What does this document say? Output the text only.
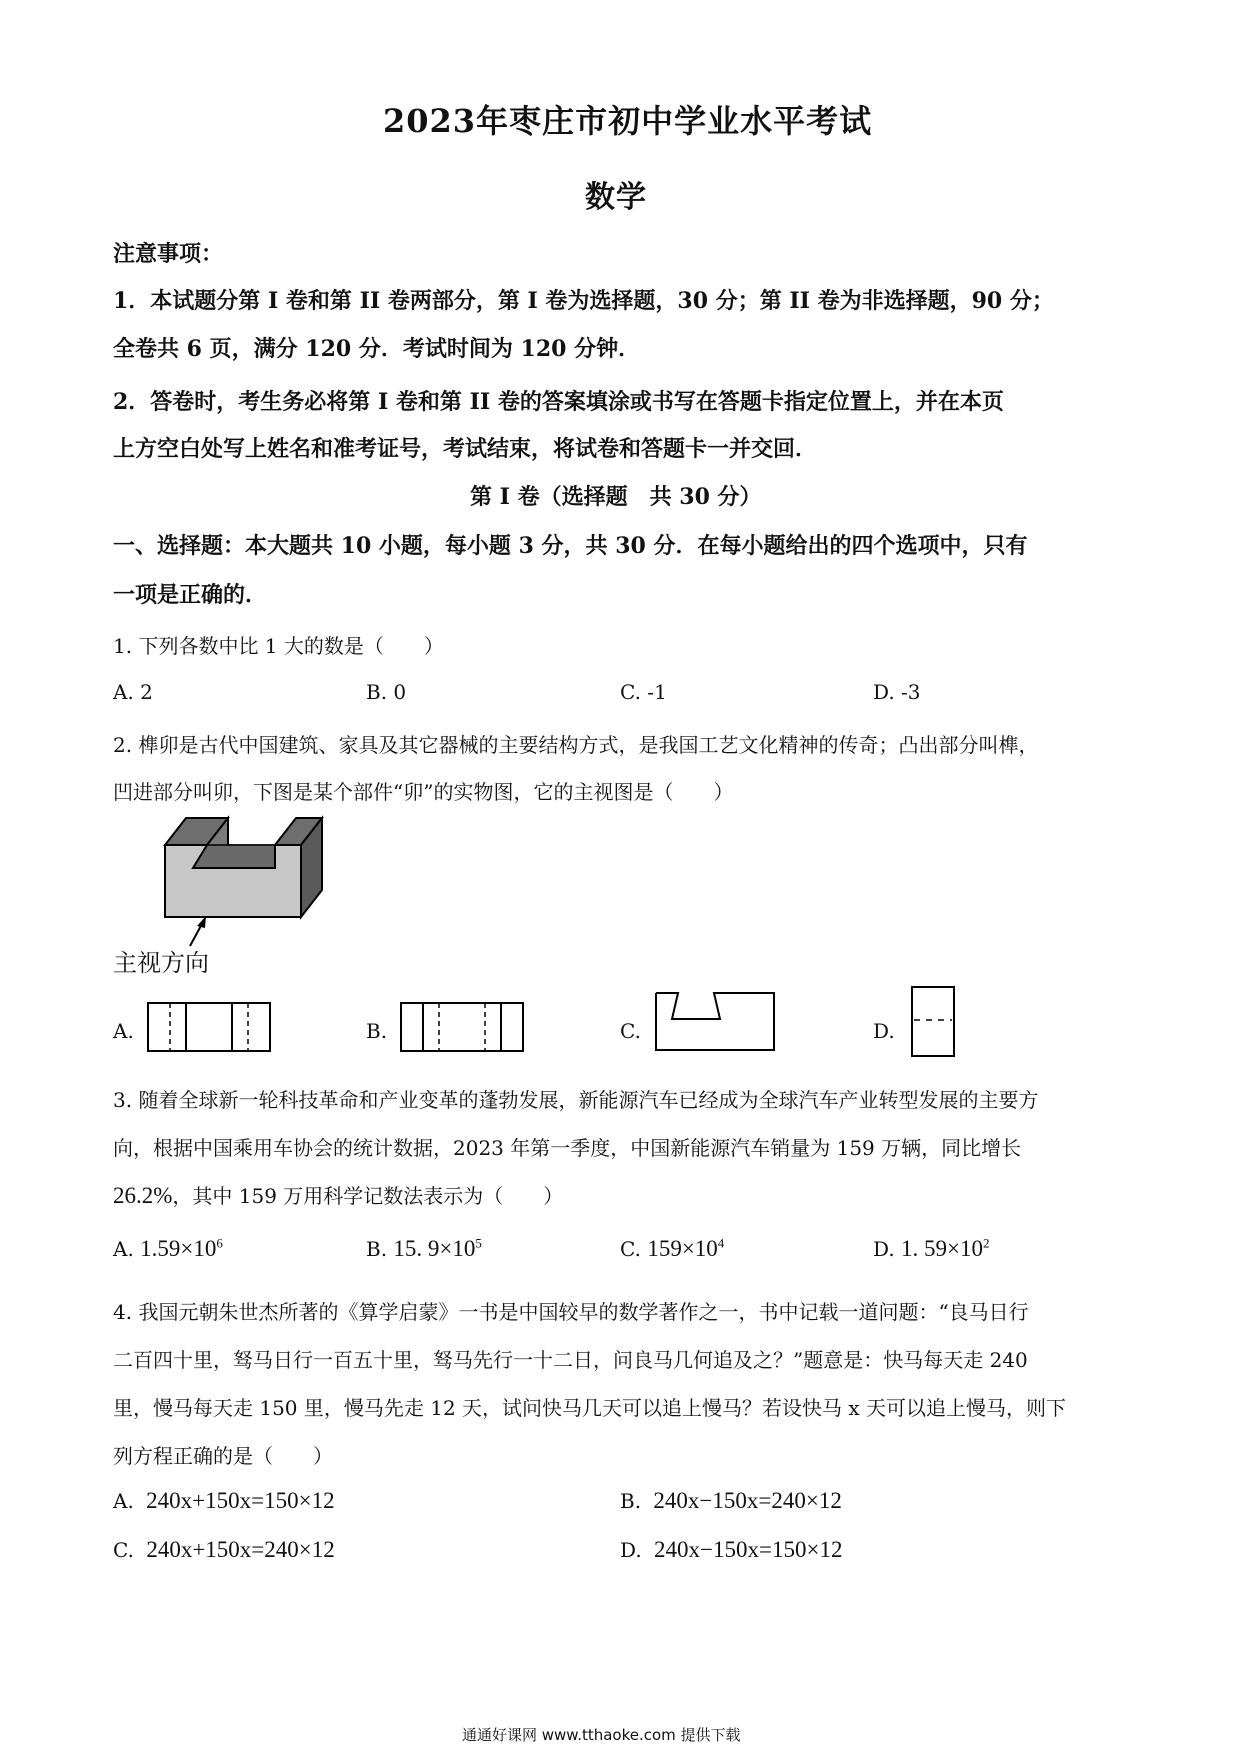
2023年枣庄市初中学业水平考试
数学
注意事项：
1．本试题分第 I 卷和第 II 卷两部分，第 I 卷为选择题，30 分；第 II 卷为非选择题，90 分；
全卷共 6 页，满分 120 分．考试时间为 120 分钟．
2．答卷时，考生务必将第 I 卷和第 II 卷的答案填涂或书写在答题卡指定位置上，并在本页
上方空白处写上姓名和准考证号，考试结束，将试卷和答题卡一并交回．
第 I 卷（选择题　共 30 分）
一、选择题：本大题共 10 小题，每小题 3 分，共 30 分．在每小题给出的四个选项中，只有
一项是正确的．
1. 下列各数中比 1 大的数是（　　）
A. 2	B. 0	C. -1	D. -3
2. 榫卯是古代中国建筑、家具及其它器械的主要结构方式，是我国工艺文化精神的传奇；凸出部分叫榫，
凹进部分叫卯，下图是某个部件“卯”的实物图，它的主视图是（　　）
主视方向
A.	B.	C.	D.
3. 随着全球新一轮科技革命和产业变革的蓬勃发展，新能源汽车已经成为全球汽车产业转型发展的主要方
向，根据中国乘用车协会的统计数据，2023 年第一季度，中国新能源汽车销量为 159 万辆，同比增长
26.2%，其中 159 万用科学记数法表示为（　　）
A. $1.59\times 10^6$	B. 15. $9\times 10^5$	C. $159\times 10^4$	D. 1. $59\times 10^2$
4. 我国元朝朱世杰所著的《算学启蒙》一书是中国较早的数学著作之一，书中记载一道问题：“良马日行
二百四十里，驽马日行一百五十里，驽马先行一十二日，问良马几何追及之？”题意是：快马每天走 240
里，慢马每天走 150 里，慢马先走 12 天，试问快马几天可以追上慢马？若设快马 x 天可以追上慢马，则下
列方程正确的是（　　）
A. 240x+150x=150×12	B. 240x−150x=240×12
C. 240x+150x=240×12	D. 240x−150x=150×12
通通好课网 www.tthaoke.com 提供下载
